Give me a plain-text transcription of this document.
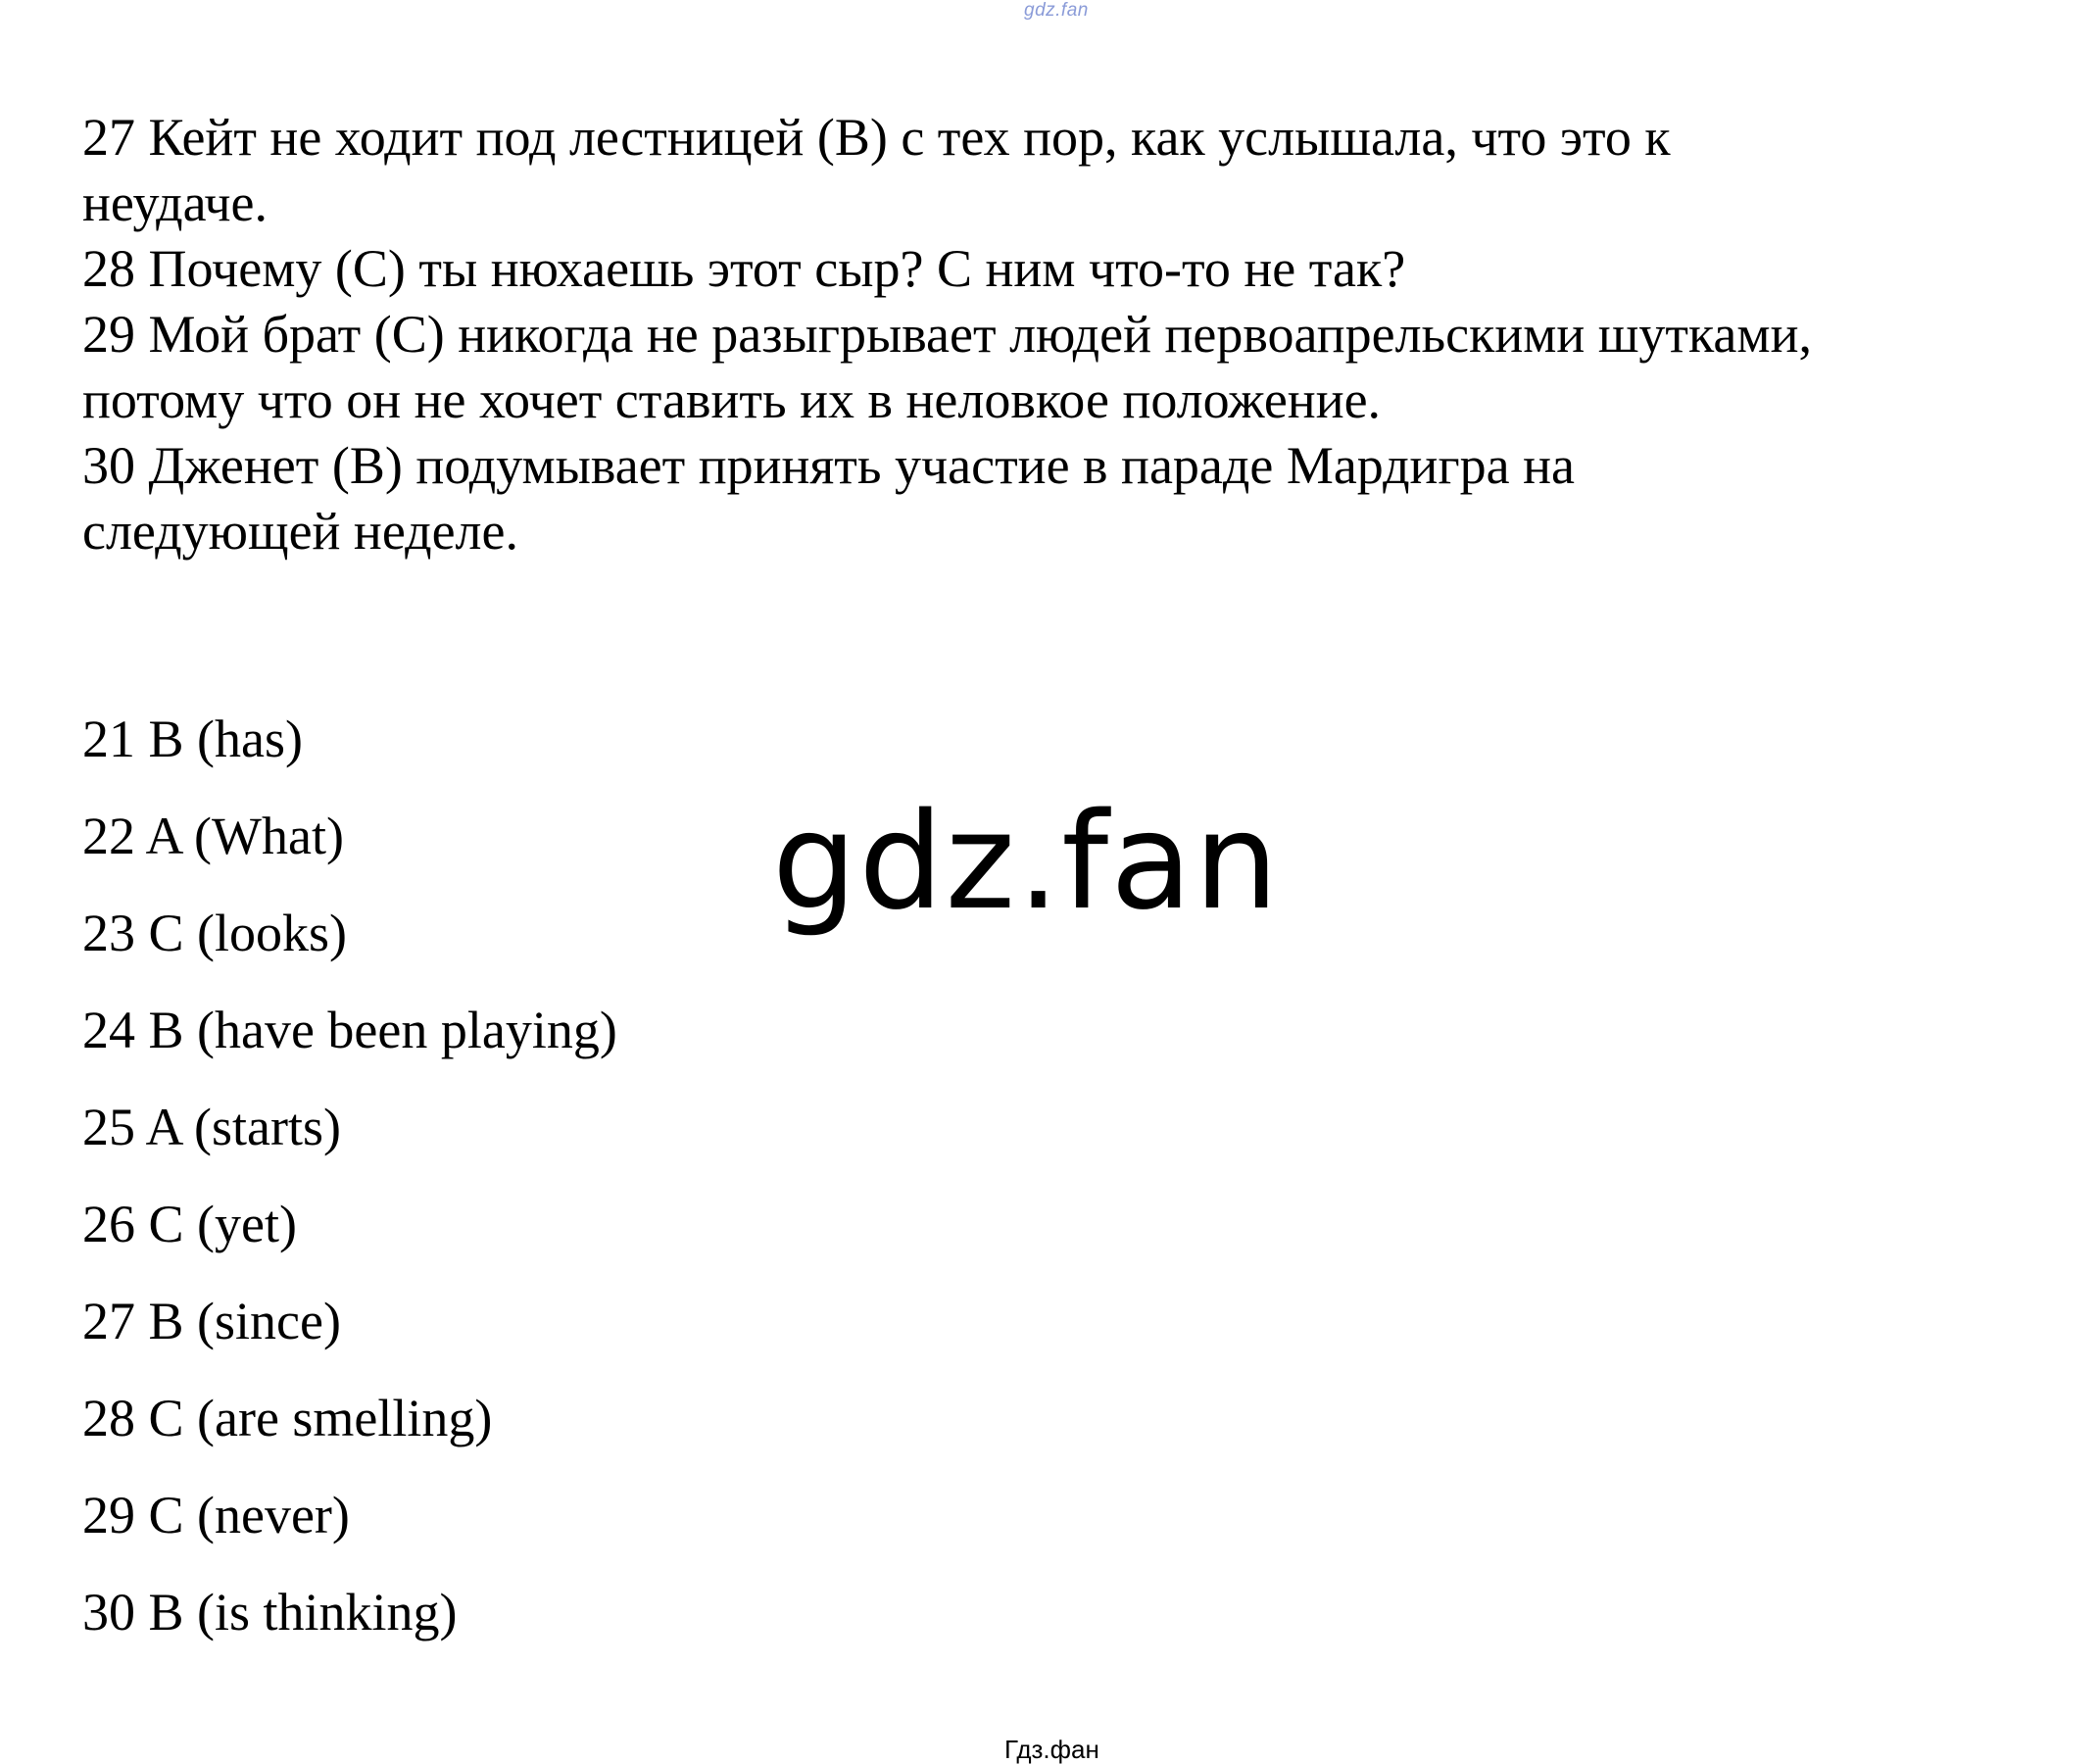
gdz.fan
27 Кейт не ходит под лестницей (B) с тех пор, как услышала, что это к
неудаче.
28 Почему (С) ты нюхаешь этот сыр? С ним что-то не так?
29 Мой брат (С) никогда не разыгрывает людей первоапрельскими шутками,
потому что он не хочет ставить их в неловкое положение.
30 Дженет (В) подумывает принять участие в параде Мардигра на
следующей неделе.
21 B (has)
22 A (What)
23 C (looks)
24 B (have been playing)
25 A (starts)
26 C (yet)
27 B (since)
28 C (are smelling)
29 C (never)
30 B (is thinking)
gdz.fan
Гдз.фан
